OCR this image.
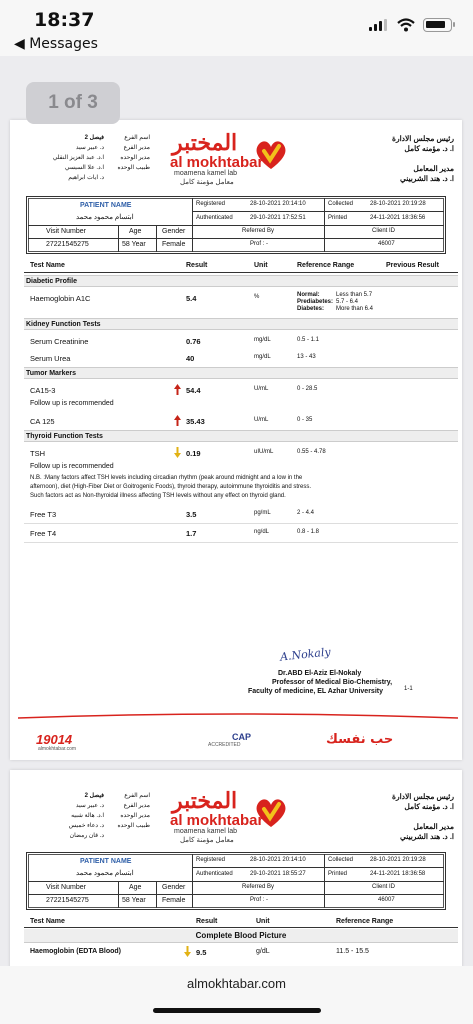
18:37
◀ Messages
1 of 3
رئيس مجلس الادارة
ا. د. مؤمنه كامل
مدير المعامل
ا. د. هند الشربيني
المختبر
al mokhtabar
moamena kamel lab
معامل مؤمنة كامل
اسم الفرع
مدير الفرع
مدير الوحده
طبيب الوحده
فيصل 2
د. عبير سيد
ا.د. عبد العزيز النقلي
ا.د. علا السيسي
د. ايات ابراهيم
PATIENT NAME
ابتسام محمود محمد
Visit Number
27221545275
Age
58 Year
Gender
Female
Registered	28-10-2021 20:14:10	Collected	28-10-2021 20:19:28
Authenticated	29-10-2021 17:52:51	Printed	24-11-2021 18:36:56
Referred By
Prof : -
Client ID
46007
Test Name	Result	Unit	Reference Range	Previous Result
Diabetic Profile
Haemoglobin A1C	5.4	%	Normal:	Less than 5.7
Prediabetes: 5.7 - 6.4
Diabetes: More than 6.4
Kidney Function Tests
Serum Creatinine	0.76	mg/dL	0.5 - 1.1
Serum Urea	40	mg/dL	13 - 43
Tumor Markers
CA15-3	54.4	U/mL	0 - 28.5
Follow up is recommended
CA 125	35.43	U/mL	0 - 35
Thyroid Function Tests
TSH	0.19	uIU/mL	0.55 - 4.78
Follow up is recommended
N.B. :Many factors affect TSH levels including circadian rhythm (peak around midnight and a low in the
afternoon), diet (High-Fiber Diet or Goitrogenic Foods), thyroid therapy, autoimmune thyroiditis and stress.
Such factors act as Non-thyroidal illness affecting TSH levels without any effect on thyroid gland.
Free T3	3.5	pg/mL	2 - 4.4
Free T4	1.7	ng/dL	0.8 - 1.8
A.Nokaly
Dr.ABD El-Aziz El-Nokaly
Professor of Medical Bio-Chemistry,
Faculty of medicine, EL Azhar University	1-1
19014
almokhtabar.com
CAP
ACCREDITED	حب نفسك
رئيس مجلس الادارة
ا. د. مؤمنه كامل
مدير المعامل
ا. د. هند الشربيني
المختبر
al mokhtabar
moamena kamel lab
معامل مؤمنة كامل
اسم الفرع
مدير الفرع
مدير الوحده
طبيب الوحده
فيصل 2
د. عبير سيد
ا.د. هالة شبيه
د. دعاء خميس
د. قان رمضان
PATIENT NAME
ابتسام محمود محمد
Visit Number
27221545275
Age
58 Year
Gender
Female
Registered	28-10-2021 20:14:10	Collected	28-10-2021 20:19:28
Authenticated	29-10-2021 18:55:27	Printed	24-11-2021 18:36:58
Referred By
Prof : -
Client ID
46007
Test Name	Result	Unit	Reference Range
Complete Blood Picture
Haemoglobin (EDTA Blood)	9.5	g/dL	11.5 - 15.5
almokhtabar.com
